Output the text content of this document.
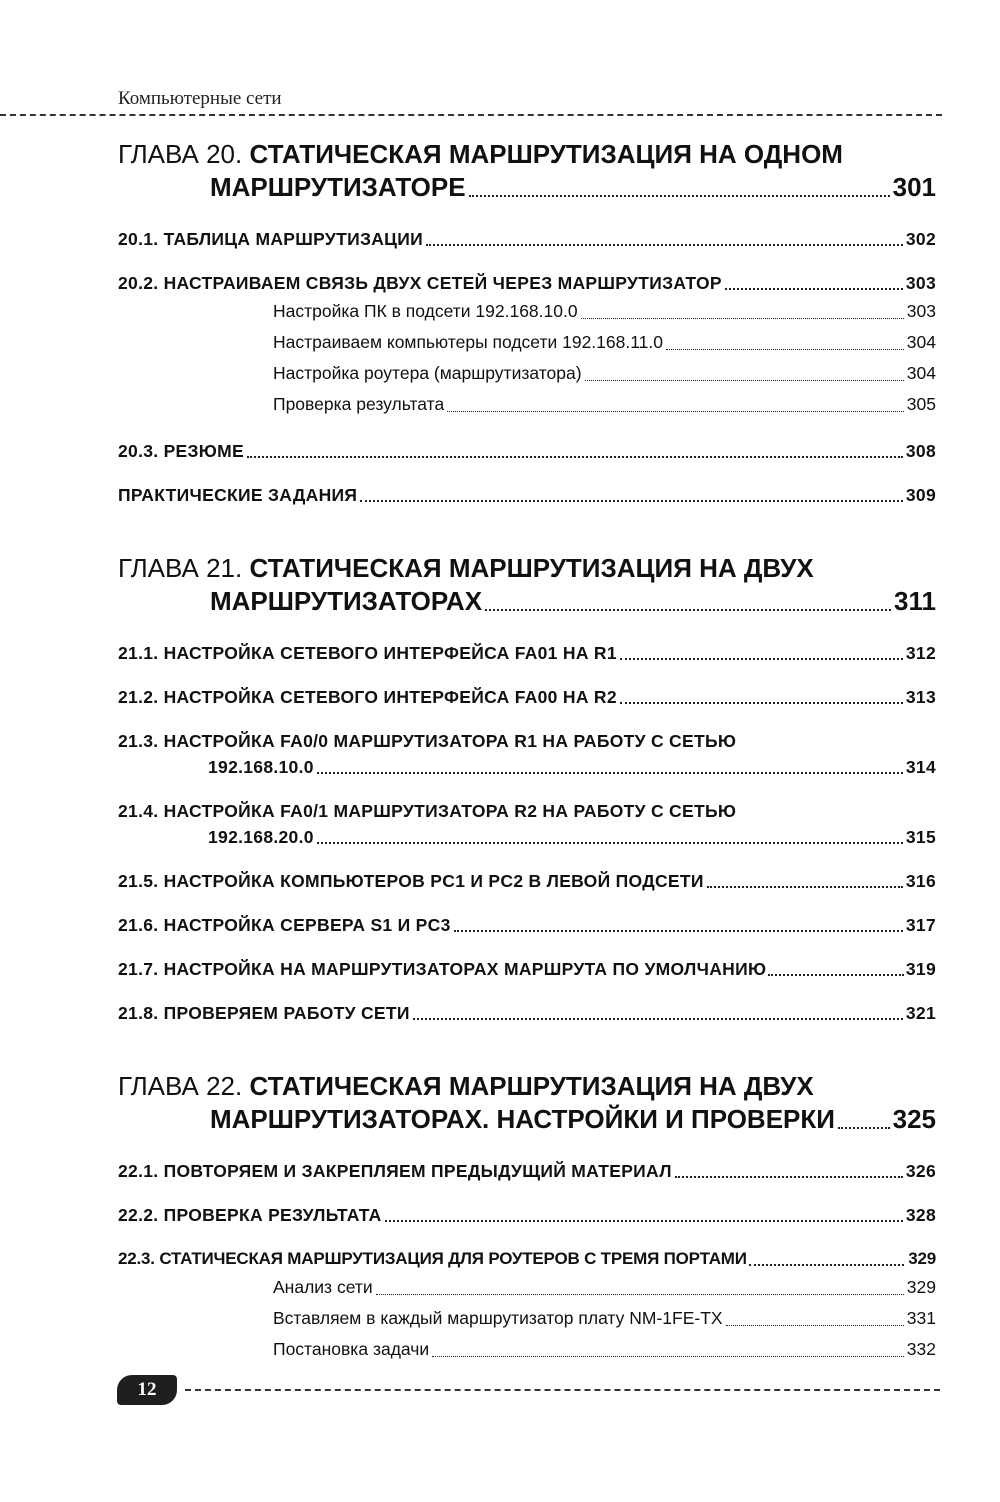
Компьютерные сети
ГЛАВА 20. СТАТИЧЕСКАЯ МАРШРУТИЗАЦИЯ НА ОДНОМ
МАРШРУТИЗАТОРЕ	301
20.1. ТАБЛИЦА МАРШРУТИЗАЦИИ	302
20.2. НАСТРАИВАЕМ СВЯЗЬ ДВУХ СЕТЕЙ ЧЕРЕЗ МАРШРУТИЗАТОР	303
Настройка ПК в подсети 192.168.10.0	303
Настраиваем компьютеры подсети 192.168.11.0	304
Настройка роутера (маршрутизатора)	304
Проверка результата	305
20.3. РЕЗЮМЕ	308
ПРАКТИЧЕСКИЕ ЗАДАНИЯ	309
ГЛАВА 21. СТАТИЧЕСКАЯ МАРШРУТИЗАЦИЯ НА ДВУХ
МАРШРУТИЗАТОРАХ	311
21.1. НАСТРОЙКА СЕТЕВОГО ИНТЕРФЕЙСА FA01 НА R1	312
21.2. НАСТРОЙКА СЕТЕВОГО ИНТЕРФЕЙСА FA00 НА R2	313
21.3. НАСТРОЙКА FA0/0 МАРШРУТИЗАТОРА R1 НА РАБОТУ С СЕТЬЮ
192.168.10.0	314
21.4. НАСТРОЙКА FA0/1 МАРШРУТИЗАТОРА R2 НА РАБОТУ С СЕТЬЮ
192.168.20.0	315
21.5. НАСТРОЙКА КОМПЬЮТЕРОВ PC1 И PC2 В ЛЕВОЙ ПОДСЕТИ	316
21.6. НАСТРОЙКА СЕРВЕРА S1 И PC3	317
21.7. НАСТРОЙКА НА МАРШРУТИЗАТОРАХ МАРШРУТА ПО УМОЛЧАНИЮ	319
21.8. ПРОВЕРЯЕМ РАБОТУ СЕТИ	321
ГЛАВА 22. СТАТИЧЕСКАЯ МАРШРУТИЗАЦИЯ НА ДВУХ
МАРШРУТИЗАТОРАХ. НАСТРОЙКИ И ПРОВЕРКИ 325
22.1. ПОВТОРЯЕМ И ЗАКРЕПЛЯЕМ ПРЕДЫДУЩИЙ МАТЕРИАЛ	326
22.2. ПРОВЕРКА РЕЗУЛЬТАТА	328
22.3. СТАТИЧЕСКАЯ МАРШРУТИЗАЦИЯ ДЛЯ РОУТЕРОВ С ТРЕМЯ ПОРТАМИ	329
Анализ сети	329
Вставляем в каждый маршрутизатор плату NM-1FE-TX	331
Постановка задачи	332
12
